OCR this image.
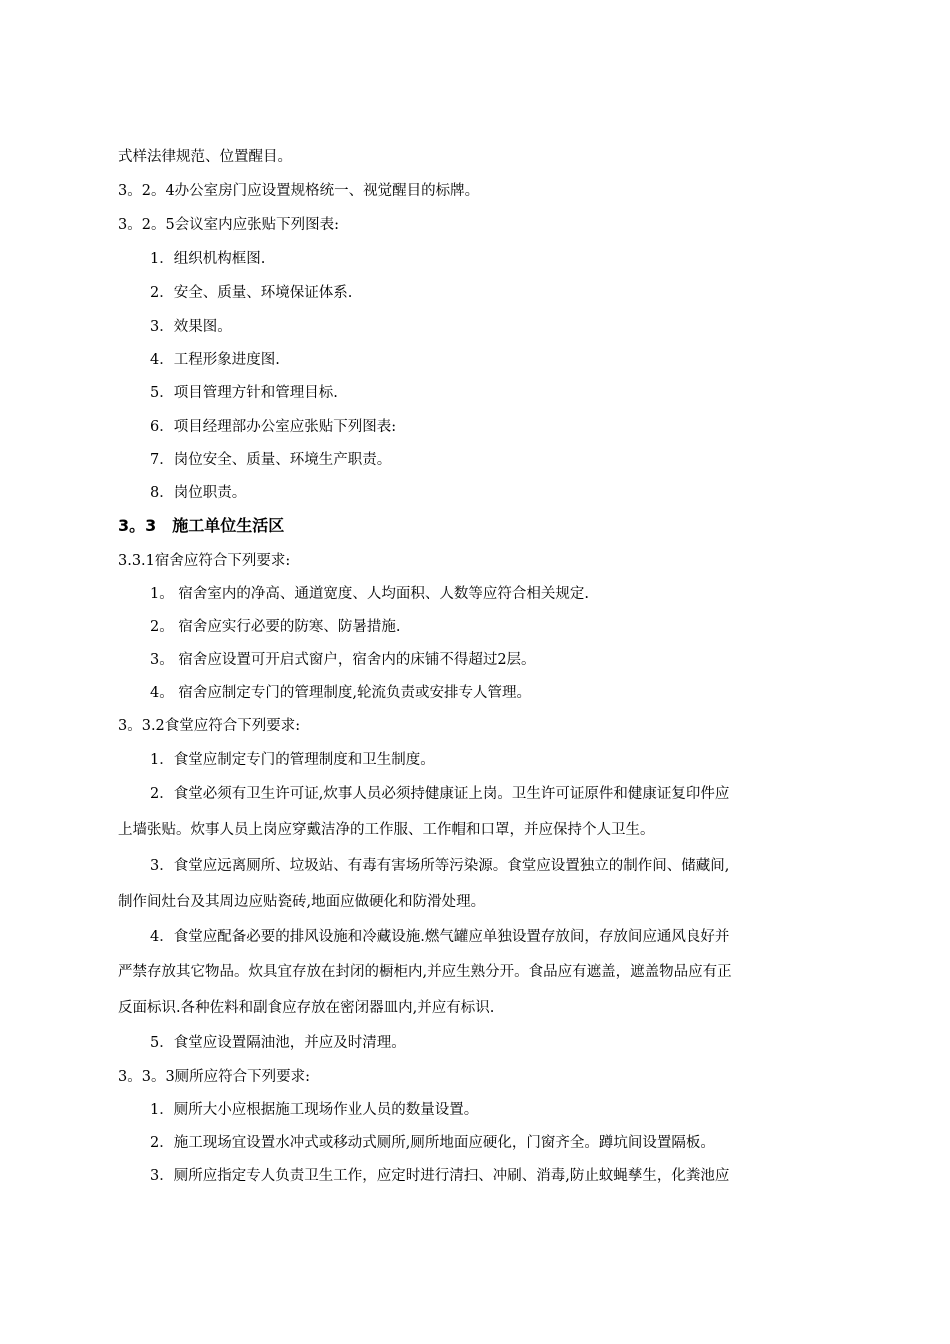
式样法律规范、位置醒目。
3。2。4办公室房门应设置规格统一、视觉醒目的标牌。
3。2。5会议室内应张贴下列图表:
1．组织机构框图.
2．安全、质量、环境保证体系.
3．效果图。
4．工程形象进度图.
5．项目管理方针和管理目标.
6．项目经理部办公室应张贴下列图表:
7．岗位安全、质量、环境生产职责。
8．岗位职责。
3。3　施工单位生活区
3.3.1宿舍应符合下列要求:
1。 宿舍室内的净高、通道宽度、人均面积、人数等应符合相关规定.
2。 宿舍应实行必要的防寒、防暑措施.
3。 宿舍应设置可开启式窗户，宿舍内的床铺不得超过2层。
4。 宿舍应制定专门的管理制度,轮流负责或安排专人管理。
3。3.2食堂应符合下列要求:
1．食堂应制定专门的管理制度和卫生制度。
2．食堂必须有卫生许可证,炊事人员必须持健康证上岗。卫生许可证原件和健康证复印件应
上墙张贴。炊事人员上岗应穿戴洁净的工作服、工作帽和口罩，并应保持个人卫生。
3．食堂应远离厕所、垃圾站、有毒有害场所等污染源。食堂应设置独立的制作间、储藏间,
制作间灶台及其周边应贴瓷砖,地面应做硬化和防滑处理。
4．食堂应配备必要的排风设施和冷藏设施.燃气罐应单独设置存放间，存放间应通风良好并
严禁存放其它物品。炊具宜存放在封闭的橱柜内,并应生熟分开。食品应有遮盖，遮盖物品应有正
反面标识.各种佐料和副食应存放在密闭器皿内,并应有标识.
5．食堂应设置隔油池，并应及时清理。
3。3。3厕所应符合下列要求:
1．厕所大小应根据施工现场作业人员的数量设置。
2．施工现场宜设置水冲式或移动式厕所,厕所地面应硬化，门窗齐全。蹲坑间设置隔板。
3．厕所应指定专人负责卫生工作，应定时进行清扫、冲刷、消毒,防止蚊蝇孳生，化粪池应
